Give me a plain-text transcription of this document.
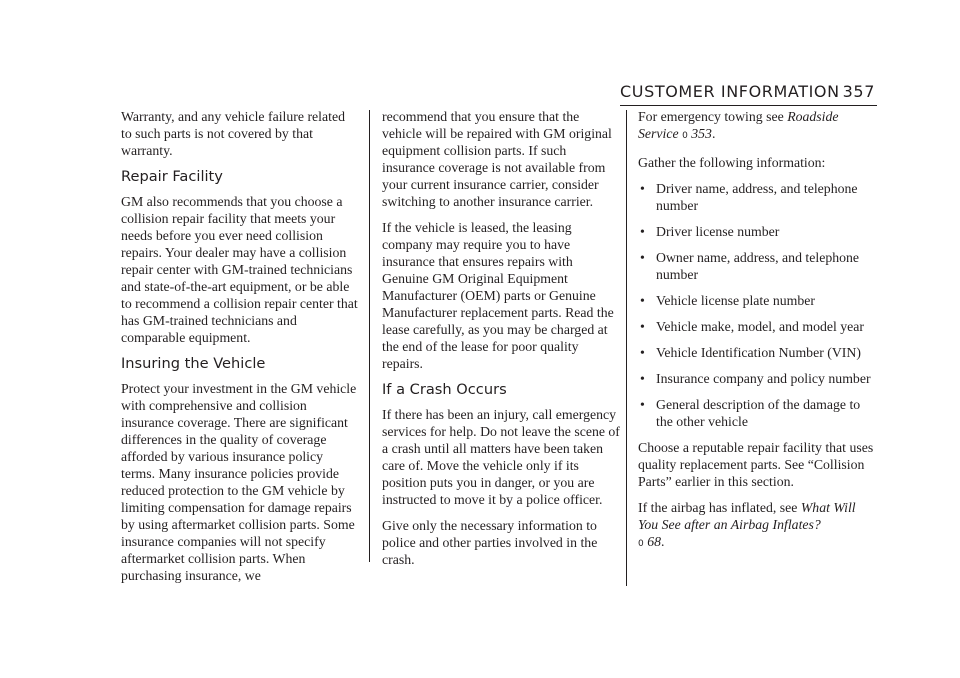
CUSTOMER INFORMATION 357

Warranty, and any vehicle failure related to such parts is not covered by that warranty.

Repair Facility

GM also recommends that you choose a collision repair facility that meets your needs before you ever need collision repairs. Your dealer may have a collision repair center with GM-trained technicians and state-of-the-art equipment, or be able to recommend a collision repair center that has GM-trained technicians and comparable equipment.

Insuring the Vehicle

Protect your investment in the GM vehicle with comprehensive and collision insurance coverage. There are significant differences in the quality of coverage afforded by various insurance policy terms. Many insurance policies provide reduced protection to the GM vehicle by limiting compensation for damage repairs by using aftermarket collision parts. Some insurance companies will not specify aftermarket collision parts. When purchasing insurance, we

recommend that you ensure that the vehicle will be repaired with GM original equipment collision parts. If such insurance coverage is not available from your current insurance carrier, consider switching to another insurance carrier.

If the vehicle is leased, the leasing company may require you to have insurance that ensures repairs with Genuine GM Original Equipment Manufacturer (OEM) parts or Genuine Manufacturer replacement parts. Read the lease carefully, as you may be charged at the end of the lease for poor quality repairs.

If a Crash Occurs

If there has been an injury, call emergency services for help. Do not leave the scene of a crash until all matters have been taken care of. Move the vehicle only if its position puts you in danger, or you are instructed to move it by a police officer.

Give only the necessary information to police and other parties involved in the crash.

For emergency towing see Roadside Service 0 353.

Gather the following information:

• Driver name, address, and telephone number
• Driver license number
• Owner name, address, and telephone number
• Vehicle license plate number
• Vehicle make, model, and model year
• Vehicle Identification Number (VIN)
• Insurance company and policy number
• General description of the damage to the other vehicle

Choose a reputable repair facility that uses quality replacement parts. See “Collision Parts” earlier in this section.

If the airbag has inflated, see What Will You See after an Airbag Inflates?
0 68.
